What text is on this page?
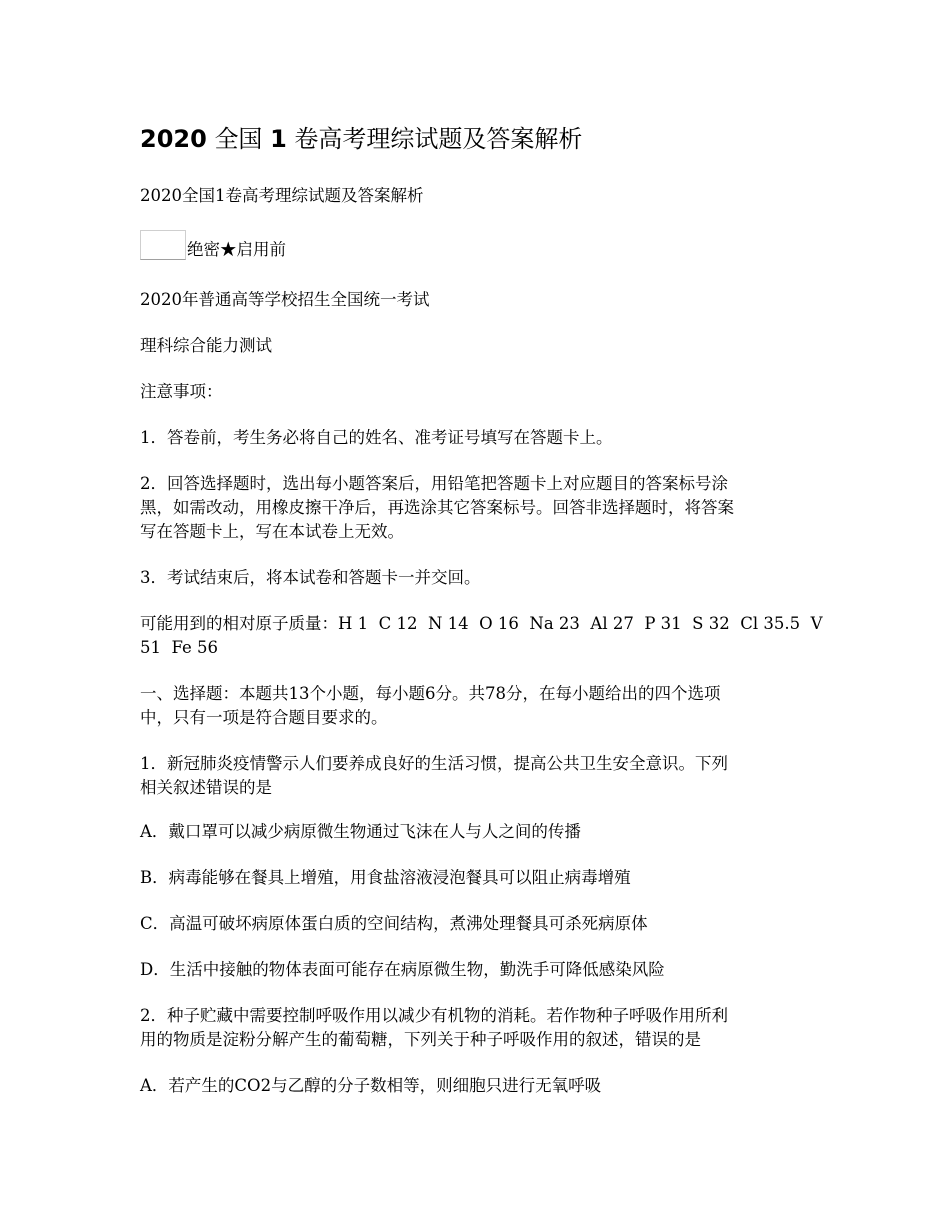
2020 全国 1 卷高考理综试题及答案解析

2020全国1卷高考理综试题及答案解析

绝密★启用前

2020年普通高等学校招生全国统一考试

理科综合能力测试

注意事项：

1．答卷前，考生务必将自己的姓名、准考证号填写在答题卡上。

2．回答选择题时，选出每小题答案后，用铅笔把答题卡上对应题目的答案标号涂
黑，如需改动，用橡皮擦干净后，再选涂其它答案标号。回答非选择题时，将答案
写在答题卡上，写在本试卷上无效。

3．考试结束后，将本试卷和答题卡一并交回。

可能用到的相对原子质量：H 1  C 12  N 14  O 16  Na 23  Al 27  P 31  S 32  Cl 35.5  V
51  Fe 56
一、选择题：本题共13个小题，每小题6分。共78分，在每小题给出的四个选项
中，只有一项是符合题目要求的。
1．新冠肺炎疫情警示人们要养成良好的生活习惯，提高公共卫生安全意识。下列
相关叙述错误的是

A．戴口罩可以减少病原微生物通过飞沫在人与人之间的传播

B．病毒能够在餐具上增殖，用食盐溶液浸泡餐具可以阻止病毒增殖

C．高温可破坏病原体蛋白质的空间结构，煮沸处理餐具可杀死病原体

D．生活中接触的物体表面可能存在病原微生物，勤洗手可降低感染风险

2．种子贮藏中需要控制呼吸作用以减少有机物的消耗。若作物种子呼吸作用所利
用的物质是淀粉分解产生的葡萄糖，下列关于种子呼吸作用的叙述，错误的是

A．若产生的CO2与乙醇的分子数相等，则细胞只进行无氧呼吸
